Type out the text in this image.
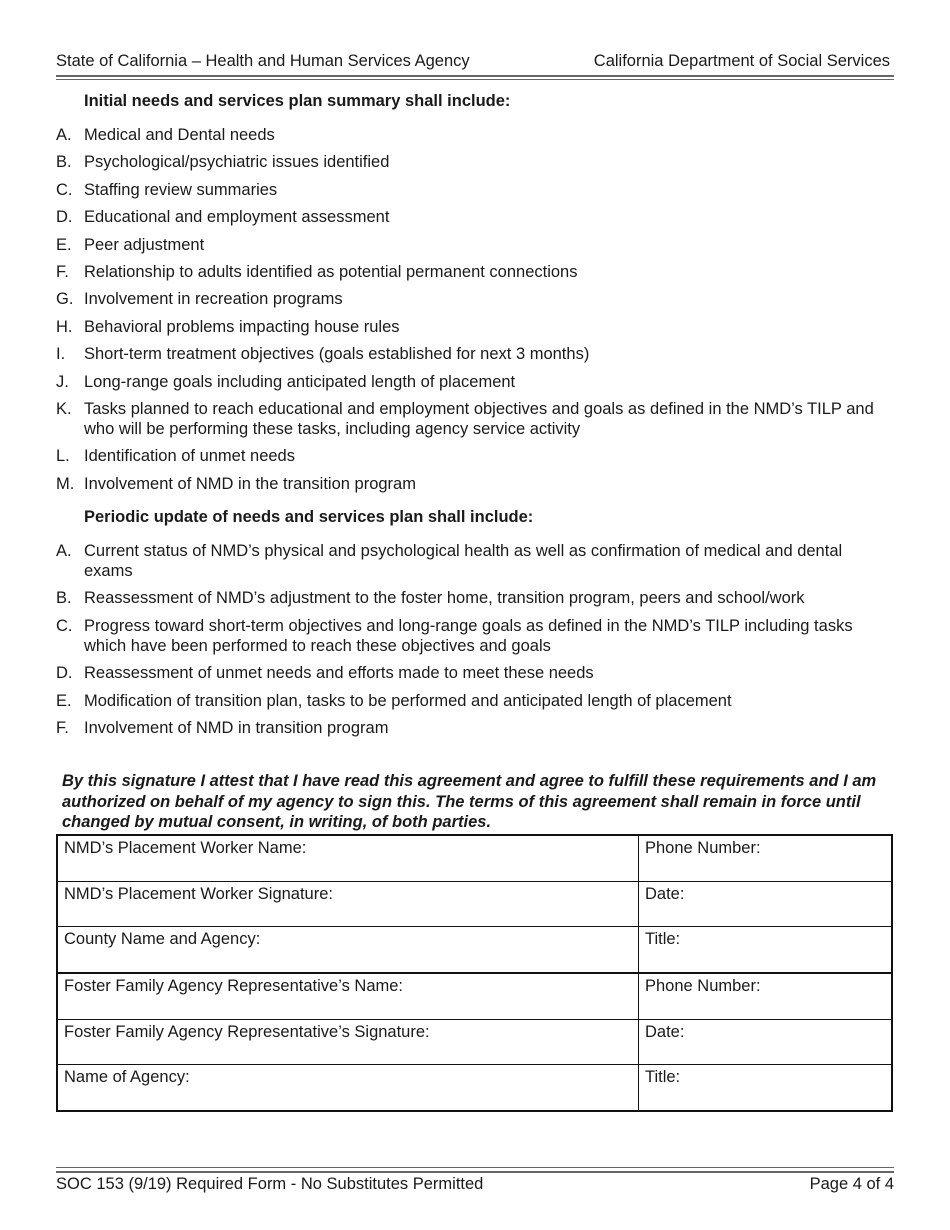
State of California – Health and Human Services Agency	California Department of Social Services
Initial needs and services plan summary shall include:
A. Medical and Dental needs
B. Psychological/psychiatric issues identified
C. Staffing review summaries
D. Educational and employment assessment
E. Peer adjustment
F. Relationship to adults identified as potential permanent connections
G. Involvement in recreation programs
H. Behavioral problems impacting house rules
I. Short-term treatment objectives (goals established for next 3 months)
J. Long-range goals including anticipated length of placement
K. Tasks planned to reach educational and employment objectives and goals as defined in the NMD’s TILP and who will be performing these tasks, including agency service activity
L. Identification of unmet needs
M. Involvement of NMD in the transition program
Periodic update of needs and services plan shall include:
A. Current status of NMD’s physical and psychological health as well as confirmation of medical and dental exams
B. Reassessment of NMD’s adjustment to the foster home, transition program, peers and school/work
C. Progress toward short-term objectives and long-range goals as defined in the NMD’s TILP including tasks which have been performed to reach these objectives and goals
D. Reassessment of unmet needs and efforts made to meet these needs
E. Modification of transition plan, tasks to be performed and anticipated length of placement
F. Involvement of NMD in transition program
By this signature I attest that I have read this agreement and agree to fulfill these requirements and I am authorized on behalf of my agency to sign this. The terms of this agreement shall remain in force until changed by mutual consent, in writing, of both parties.
NMD’s Placement Worker Name:	Phone Number:
NMD’s Placement Worker Signature:	Date:
County Name and Agency:	Title:
Foster Family Agency Representative’s Name:	Phone Number:
Foster Family Agency Representative’s Signature:	Date:
Name of Agency:	Title:
SOC 153 (9/19) Required Form - No Substitutes Permitted	Page 4 of 4
